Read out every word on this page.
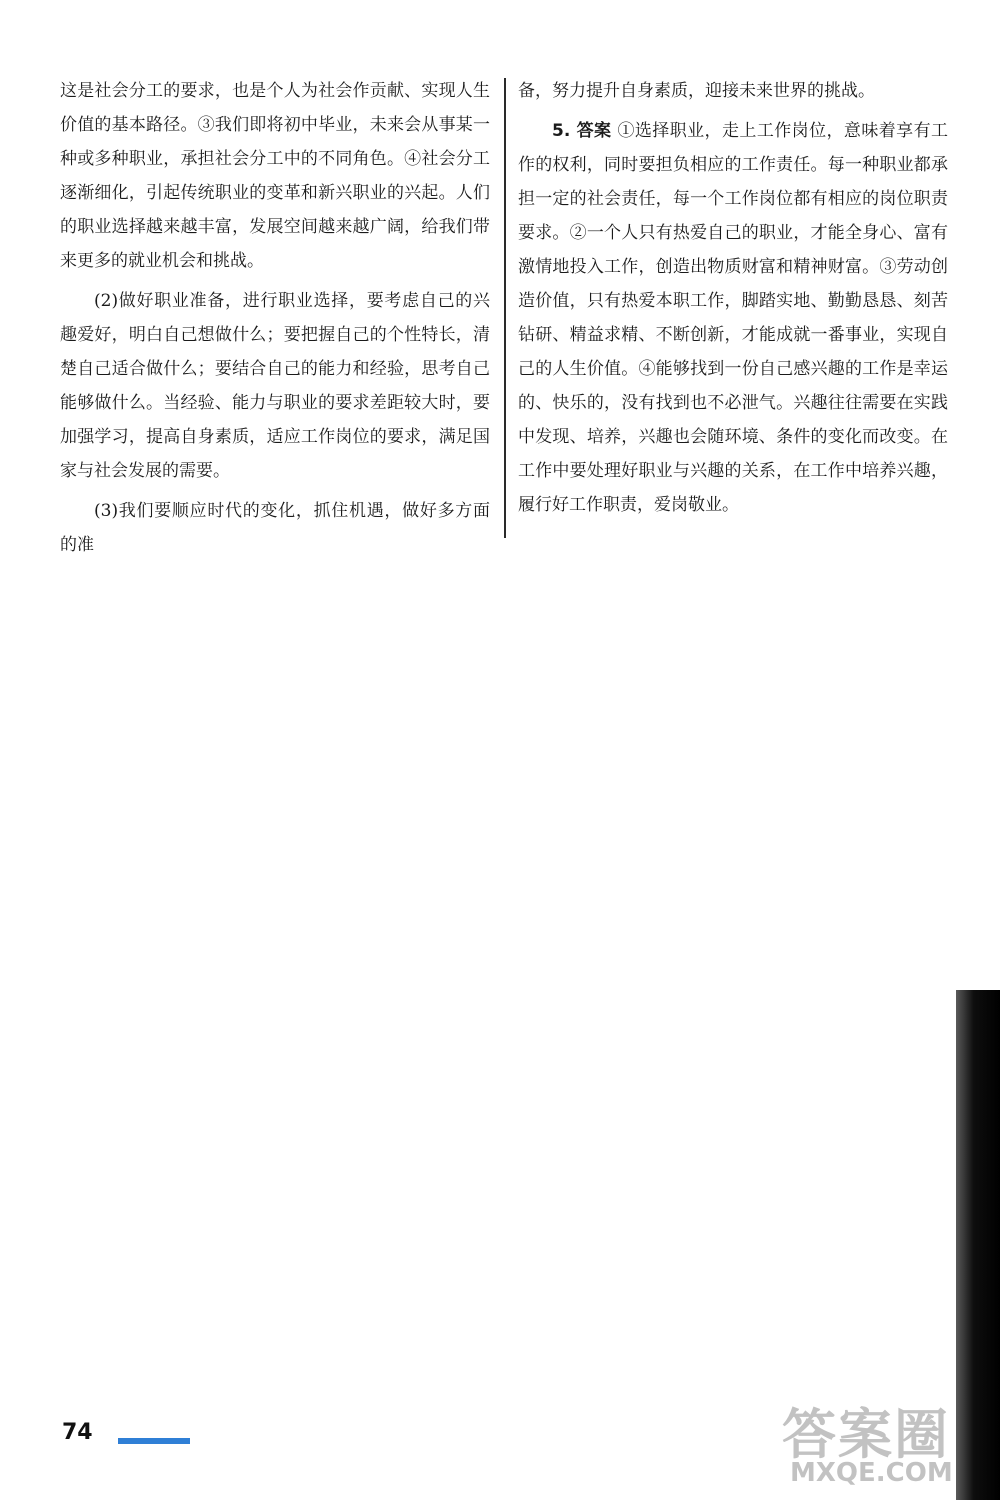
这是社会分工的要求，也是个人为社会作贡献、实现人生价值的基本路径。③我们即将初中毕业，未来会从事某一种或多种职业，承担社会分工中的不同角色。④社会分工逐渐细化，引起传统职业的变革和新兴职业的兴起。人们的职业选择越来越丰富，发展空间越来越广阔，给我们带来更多的就业机会和挑战。

(2)做好职业准备，进行职业选择，要考虑自己的兴趣爱好，明白自己想做什么；要把握自己的个性特长，清楚自己适合做什么；要结合自己的能力和经验，思考自己能够做什么。当经验、能力与职业的要求差距较大时，要加强学习，提高自身素质，适应工作岗位的要求，满足国家与社会发展的需要。

(3)我们要顺应时代的变化，抓住机遇，做好多方面的准

备，努力提升自身素质，迎接未来世界的挑战。

5. 答案 ①选择职业，走上工作岗位，意味着享有工作的权利，同时要担负相应的工作责任。每一种职业都承担一定的社会责任，每一个工作岗位都有相应的岗位职责要求。②一个人只有热爱自己的职业，才能全身心、富有激情地投入工作，创造出物质财富和精神财富。③劳动创造价值，只有热爱本职工作，脚踏实地、勤勤恳恳、刻苦钻研、精益求精、不断创新，才能成就一番事业，实现自己的人生价值。④能够找到一份自己感兴趣的工作是幸运的、快乐的，没有找到也不必泄气。兴趣往往需要在实践中发现、培养，兴趣也会随环境、条件的变化而改变。在工作中要处理好职业与兴趣的关系，在工作中培养兴趣，履行好工作职责，爱岗敬业。

74	答案圈
MXQE.COM
